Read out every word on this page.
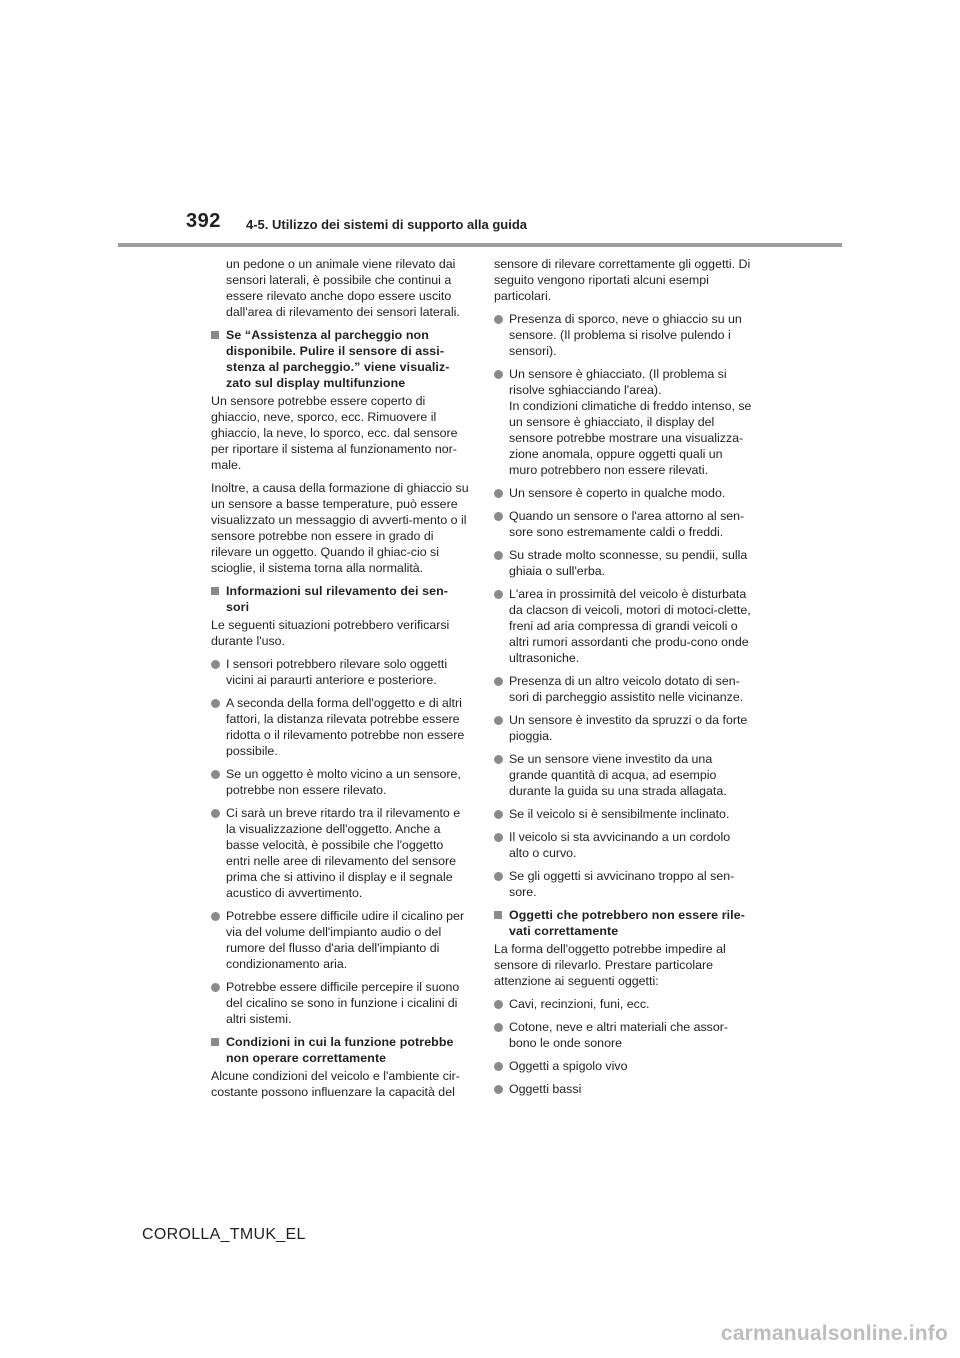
392 4-5. Utilizzo dei sistemi di supporto alla guida
un pedone o un animale viene rilevato dai sensori laterali, è possibile che continui a essere rilevato anche dopo essere uscito dall'area di rilevamento dei sensori laterali.
Se “Assistenza al parcheggio non disponibile. Pulire il sensore di assi-stenza al parcheggio.” viene visualiz-zato sul display multifunzione
Un sensore potrebbe essere coperto di ghiaccio, neve, sporco, ecc. Rimuovere il ghiaccio, la neve, lo sporco, ecc. dal sensore per riportare il sistema al funzionamento nor-male.
Inoltre, a causa della formazione di ghiaccio su un sensore a basse temperature, può essere visualizzato un messaggio di avverti-mento o il sensore potrebbe non essere in grado di rilevare un oggetto. Quando il ghiac-cio si scioglie, il sistema torna alla normalità.
Informazioni sul rilevamento dei sen-sori
Le seguenti situazioni potrebbero verificarsi durante l'uso.
I sensori potrebbero rilevare solo oggetti vicini ai paraurti anteriore e posteriore.
A seconda della forma dell'oggetto e di altri fattori, la distanza rilevata potrebbe essere ridotta o il rilevamento potrebbe non essere possibile.
Se un oggetto è molto vicino a un sensore, potrebbe non essere rilevato.
Ci sarà un breve ritardo tra il rilevamento e la visualizzazione dell'oggetto. Anche a basse velocità, è possibile che l'oggetto entri nelle aree di rilevamento del sensore prima che si attivino il display e il segnale acustico di avvertimento.
Potrebbe essere difficile udire il cicalino per via del volume dell'impianto audio o del rumore del flusso d'aria dell'impianto di condizionamento aria.
Potrebbe essere difficile percepire il suono del cicalino se sono in funzione i cicalini di altri sistemi.
Condizioni in cui la funzione potrebbe non operare correttamente
Alcune condizioni del veicolo e l'ambiente cir-costante possono influenzare la capacità del
sensore di rilevare correttamente gli oggetti. Di seguito vengono riportati alcuni esempi particolari.
Presenza di sporco, neve o ghiaccio su un sensore. (Il problema si risolve pulendo i sensori).
Un sensore è ghiacciato. (Il problema si risolve sghiacciando l'area).
In condizioni climatiche di freddo intenso, se un sensore è ghiacciato, il display del sensore potrebbe mostrare una visualizza-zione anomala, oppure oggetti quali un muro potrebbero non essere rilevati.
Un sensore è coperto in qualche modo.
Quando un sensore o l'area attorno al sen-sore sono estremamente caldi o freddi.
Su strade molto sconnesse, su pendii, sulla ghiaia o sull'erba.
L'area in prossimità del veicolo è disturbata da clacson di veicoli, motori di motoci-clette, freni ad aria compressa di grandi veicoli o altri rumori assordanti che produ-cono onde ultrasoniche.
Presenza di un altro veicolo dotato di sen-sori di parcheggio assistito nelle vicinanze.
Un sensore è investito da spruzzi o da forte pioggia.
Se un sensore viene investito da una grande quantità di acqua, ad esempio durante la guida su una strada allagata.
Se il veicolo si è sensibilmente inclinato.
Il veicolo si sta avvicinando a un cordolo alto o curvo.
Se gli oggetti si avvicinano troppo al sen-sore.
Oggetti che potrebbero non essere rile-vati correttamente
La forma dell'oggetto potrebbe impedire al sensore di rilevarlo. Prestare particolare attenzione ai seguenti oggetti:
Cavi, recinzioni, funi, ecc.
Cotone, neve e altri materiali che assor-bono le onde sonore
Oggetti a spigolo vivo
Oggetti bassi
COROLLA_TMUK_EL
carmanualsonline.info
